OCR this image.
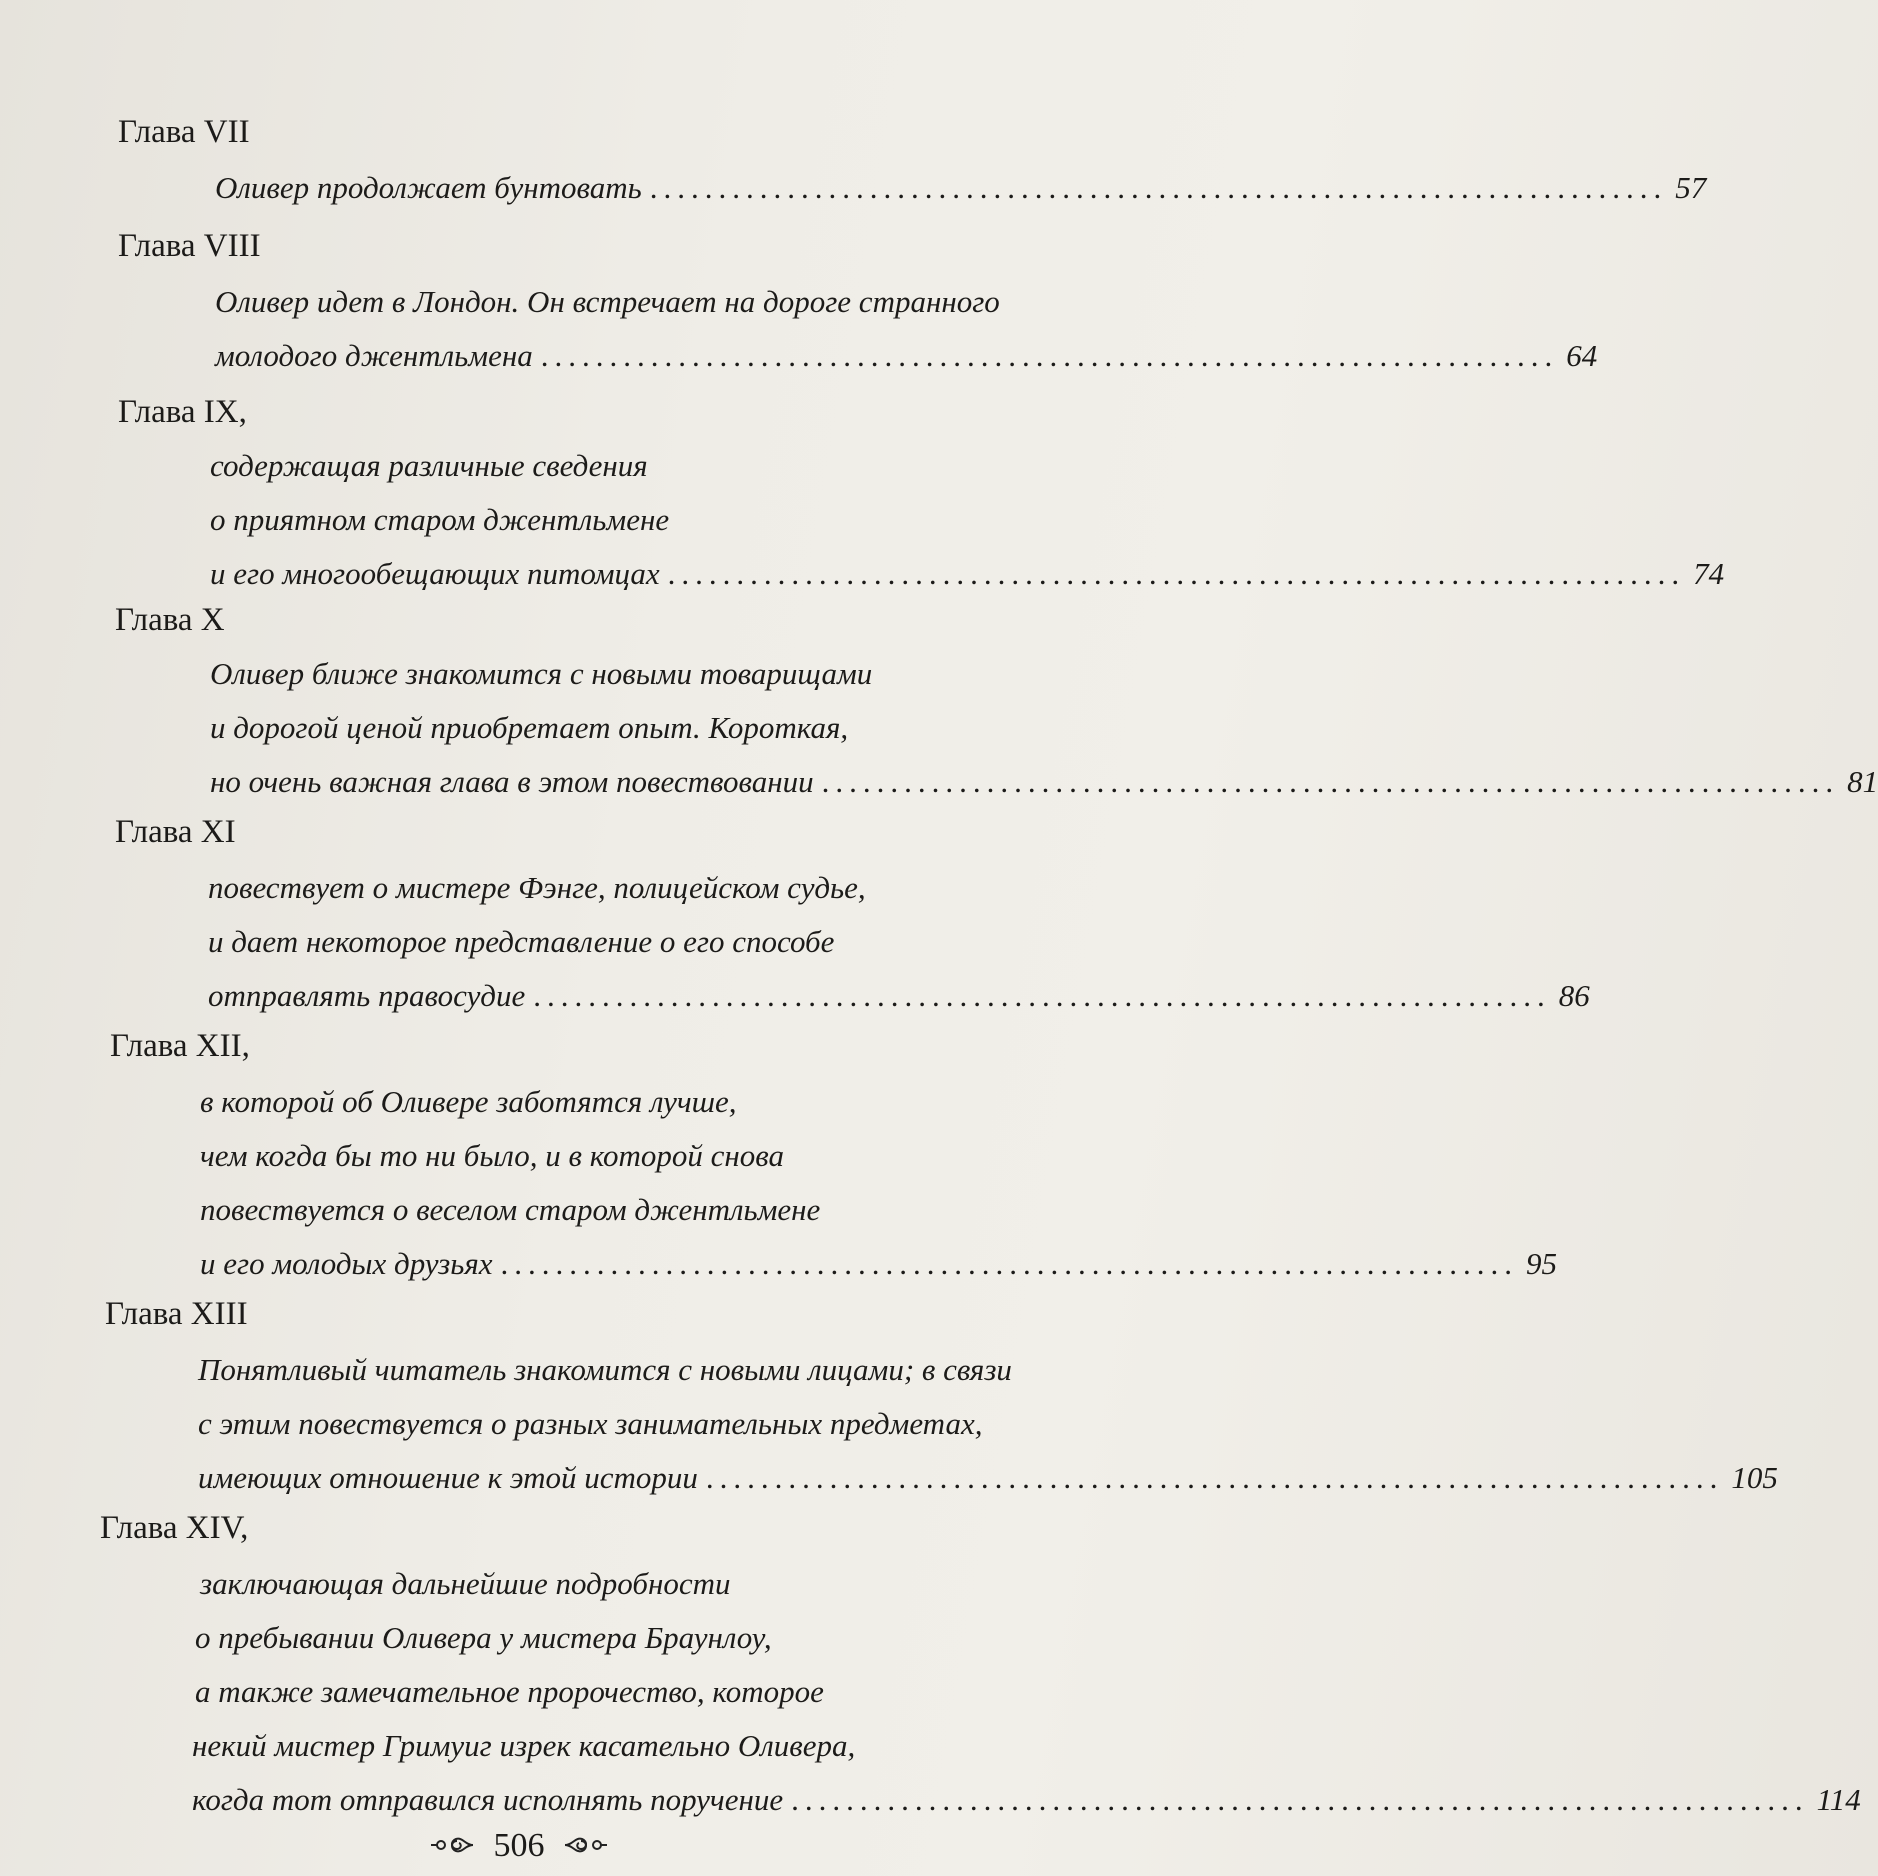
Глава VII
Оливер продолжает бунтовать .......................................................................... 57
Глава VIII
Оливер идет в Лондон. Он встречает на дороге странного
молодого джентльмена .......................................................................... 64
Глава IX,
содержащая различные сведения
о приятном старом джентльмене
и его многообещающих питомцах .......................................................................... 74
Глава X
Оливер ближе знакомится с новыми товарищами
и дорогой ценой приобретает опыт. Короткая,
но очень важная глава в этом повествовании .......................................................................... 81
Глава XI
повествует о мистере Фэнге, полицейском судье,
и дает некоторое представление о его способе
отправлять правосудие .......................................................................... 86
Глава XII,
в которой об Оливере заботятся лучше,
чем когда бы то ни было, и в которой снова
повествуется о веселом старом джентльмене
и его молодых друзьях .......................................................................... 95
Глава XIII
Понятливый читатель знакомится с новыми лицами; в связи
с этим повествуется о разных занимательных предметах,
имеющих отношение к этой истории .......................................................................... 105
Глава XIV,
заключающая дальнейшие подробности
о пребывании Оливера у мистера Браунлоу,
а также замечательное пророчество, которое
некий мистер Гримуиг изрек касательно Оливера,
когда тот отправился исполнять поручение .......................................................................... 114
506
